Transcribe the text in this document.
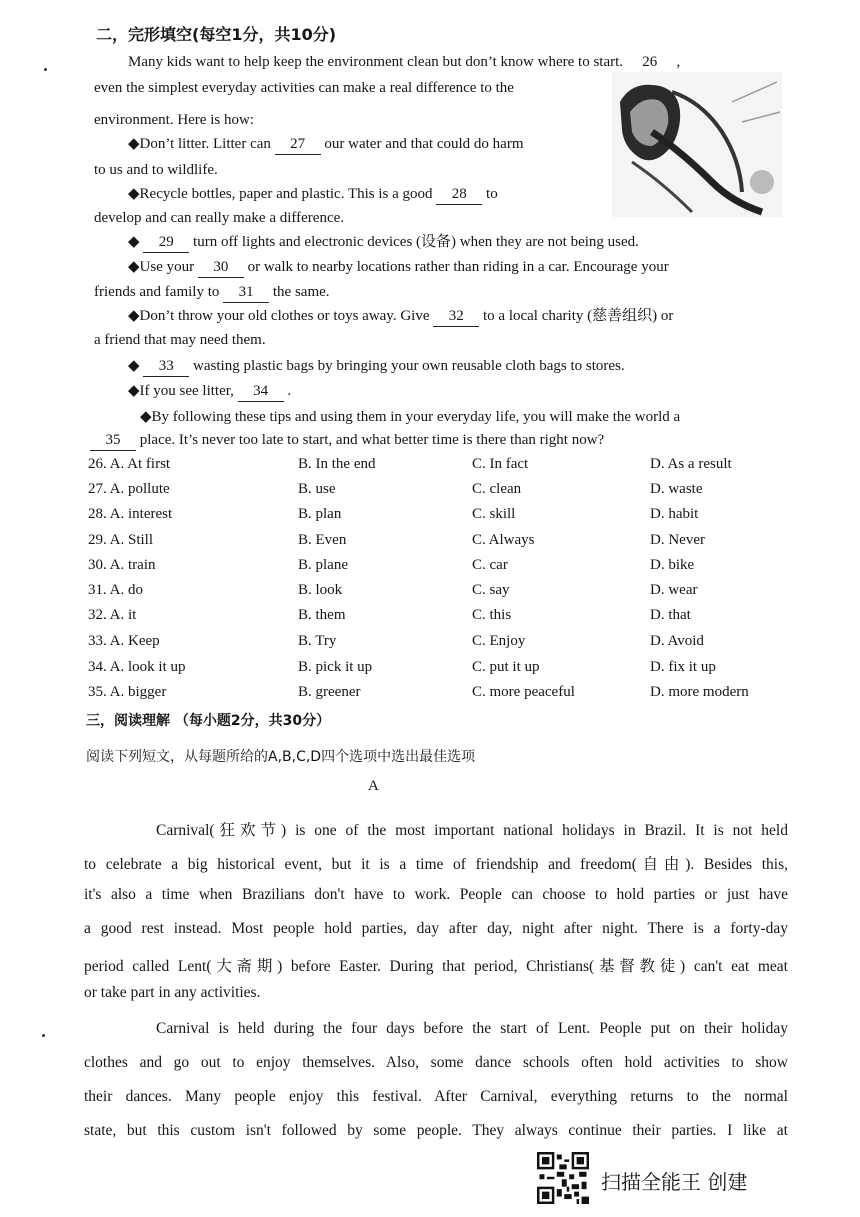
二，完形填空(每空1分，共10分)
Many kids want to help keep the environment clean but don’t know where to start. 26 ,
even the simplest everyday activities can make a real difference to the
environment. Here is how:
◆Don’t litter. Litter can 27 our water and that could do harm
to us and to wildlife.
◆Recycle bottles, paper and plastic. This is a good 28 to
develop and can really make a difference.
◆ 29 turn off lights and electronic devices (设备) when they are not being used.
◆Use your 30 or walk to nearby locations rather than riding in a car. Encourage your
friends and family to 31 the same.
◆Don’t throw your old clothes or toys away. Give 32 to a local charity (慈善组织) or
a friend that may need them.
◆ 33 wasting plastic bags by bringing your own reusable cloth bags to stores.
◆If you see litter, 34 .
◆By following these tips and using them in your everyday life, you will make the world a
35 place. It’s never too late to start, and what better time is there than right now?
26. A. At first	B. In the end	C. In fact	D. As a result
27. A. pollute	B. use	C. clean	D. waste
28. A. interest	B. plan	C. skill	D. habit
29. A. Still	B. Even	C. Always	D. Never
30. A. train	B. plane	C. car	D. bike
31. A. do	B. look	C. say	D. wear
32. A. it	B. them	C. this	D. that
33. A. Keep	B. Try	C. Enjoy	D. Avoid
34. A. look it up	B. pick it up	C. put it up	D. fix it up
35. A. bigger	B. greener	C. more peaceful	D. more modern
三，阅读理解 （每小题2分，共30分）
阅读下列短文，从每题所给的A,B,C,D四个选项中选出最佳选项
A
Carnival(狂欢节) is one of the most important national holidays in Brazil. It is not held
to celebrate a big historical event, but it is a time of friendship and freedom(自由). Besides this,
it's also a time when Brazilians don't have to work. People can choose to hold parties or just have
a good rest instead. Most people hold parties, day after day, night after night. There is a forty-day
period called Lent(大斋期) before Easter. During that period, Christians(基督教徒) can't eat meat
or take part in any activities.
Carnival is held during the four days before the start of Lent. People put on their holiday
clothes and go out to enjoy themselves. Also, some dance schools often hold activities to show
their dances. Many people enjoy this festival. After Carnival, everything returns to the normal
state, but this custom isn't followed by some people. They always continue their parties. I like at
扫描全能王 创建
